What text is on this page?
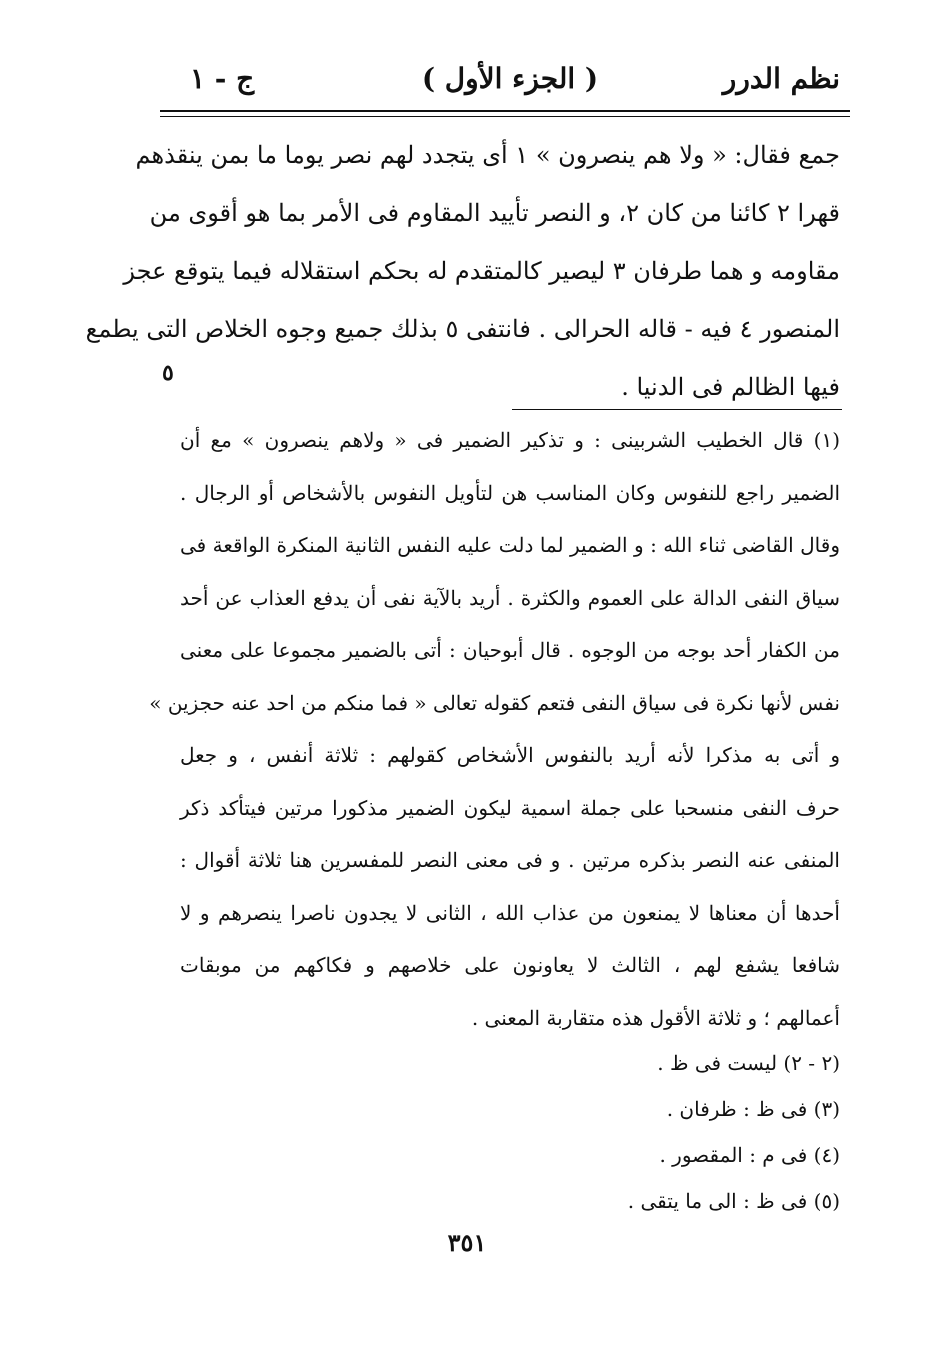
نظم الدرر
( الجزء الأول )
ج - ١
جمع فقال: « ولا هم ينصرون » ١ أى يتجدد لهم نصر يوما ما بمن ينقذهم
قهرا ٢ كائنا من كان ٢، و النصر تأييد المقاوم فى الأمر بما هو أقوى من
مقاومه و هما طرفان ٣ ليصير كالمتقدم له بحكم استقلاله فيما يتوقع عجز
المنصور ٤ فيه - قاله الحرالى . فانتفى ٥ بذلك جميع وجوه الخلاص التى يطمع
فيها الظالم فى الدنيا .
٥
(١) قال الخطيب الشربينى : و تذكير الضمير فى « ولاهم ينصرون » مع أن
الضمير راجع للنفوس وكان المناسب هن لتأويل النفوس بالأشخاص أو الرجال .
وقال القاضى ثناء الله : و الضمير لما دلت عليه النفس الثانية المنكرة الواقعة فى
سياق النفى الدالة على العموم والكثرة . أريد بالآية نفى أن يدفع العذاب عن أحد
من الكفار أحد بوجه من الوجوه . قال أبوحيان : أتى بالضمير مجموعا على معنى
نفس لأنها نكرة فى سياق النفى فتعم كقوله تعالى « فما منكم من احد عنه حجزين »
و أتى به مذكرا لأنه أريد بالنفوس الأشخاص كقولهم : ثلاثة أنفس ، و جعل
حرف النفى منسحبا على جملة اسمية ليكون الضمير مذكورا مرتين فيتأكد ذكر
المنفى عنه النصر بذكره مرتين . و فى معنى النصر للمفسرين هنا ثلاثة أقوال :
أحدها أن معناها لا يمنعون من عذاب الله ، الثانى لا يجدون ناصرا ينصرهم و لا
شافعا يشفع لهم ، الثالث لا يعاونون على خلاصهم و فكاكهم من موبقات
أعمالهم ؛ و ثلاثة الأقول هذه متقاربة المعنى .
(٢ - ٢) ليست فى ظ .
(٣) فى ظ : ظرفان .
(٤) فى م : المقصور .
(٥) فى ظ : الى ما يتقى .
٣٥١
